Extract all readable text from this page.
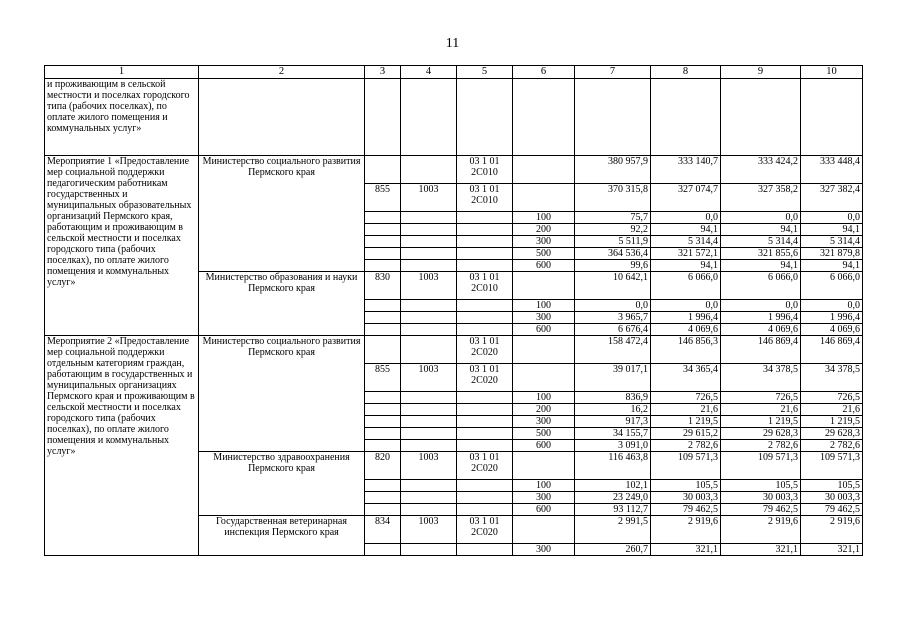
11
1	2	3	4	5	6	7	8	9	10
и проживающим в сельской местности и поселках городского типа (рабочих поселках), по оплате жилого помещения и коммунальных услуг»									
Мероприятие 1 «Предоставление мер социальной поддержки педагогическим работникам государственных и муниципальных образовательных организаций Пермского края, работающим и проживающим в сельской местности и поселках городского типа (рабочих поселках), по оплате жилого помещения и коммунальных услуг»	Министерство социального развития Пермского края			03 1 01 2С010		380 957,9	333 140,7	333 424,2	333 448,4
		855	1003	03 1 01 2С010		370 315,8	327 074,7	327 358,2	327 382,4
					100	75,7	0,0	0,0	0,0
					200	92,2	94,1	94,1	94,1
					300	5 511,9	5 314,4	5 314,4	5 314,4
					500	364 536,4	321 572,1	321 855,6	321 879,8
					600	99,6	94,1	94,1	94,1
	Министерство образования и науки Пермского края	830	1003	03 1 01 2С010		10 642,1	6 066,0	6 066,0	6 066,0
					100	0,0	0,0	0,0	0,0
					300	3 965,7	1 996,4	1 996,4	1 996,4
					600	6 676,4	4 069,6	4 069,6	4 069,6
Мероприятие 2 «Предоставление мер социальной поддержки отдельным категориям граждан, работающим в государственных и муниципальных организациях Пермского края и проживающим в сельской местности и поселках городского типа (рабочих поселках), по оплате жилого помещения и коммунальных услуг»	Министерство социального развития Пермского края			03 1 01 2С020		158 472,4	146 856,3	146 869,4	146 869,4
		855	1003	03 1 01 2С020		39 017,1	34 365,4	34 378,5	34 378,5
					100	836,9	726,5	726,5	726,5
					200	16,2	21,6	21,6	21,6
					300	917,3	1 219,5	1 219,5	1 219,5
					500	34 155,7	29 615,2	29 628,3	29 628,3
					600	3 091,0	2 782,6	2 782,6	2 782,6
	Министерство здравоохранения Пермского края	820	1003	03 1 01 2С020		116 463,8	109 571,3	109 571,3	109 571,3
					100	102,1	105,5	105,5	105,5
					300	23 249,0	30 003,3	30 003,3	30 003,3
					600	93 112,7	79 462,5	79 462,5	79 462,5
	Государственная ветеринарная инспекция Пермского края	834	1003	03 1 01 2С020		2 991,5	2 919,6	2 919,6	2 919,6
					300	260,7	321,1	321,1	321,1
